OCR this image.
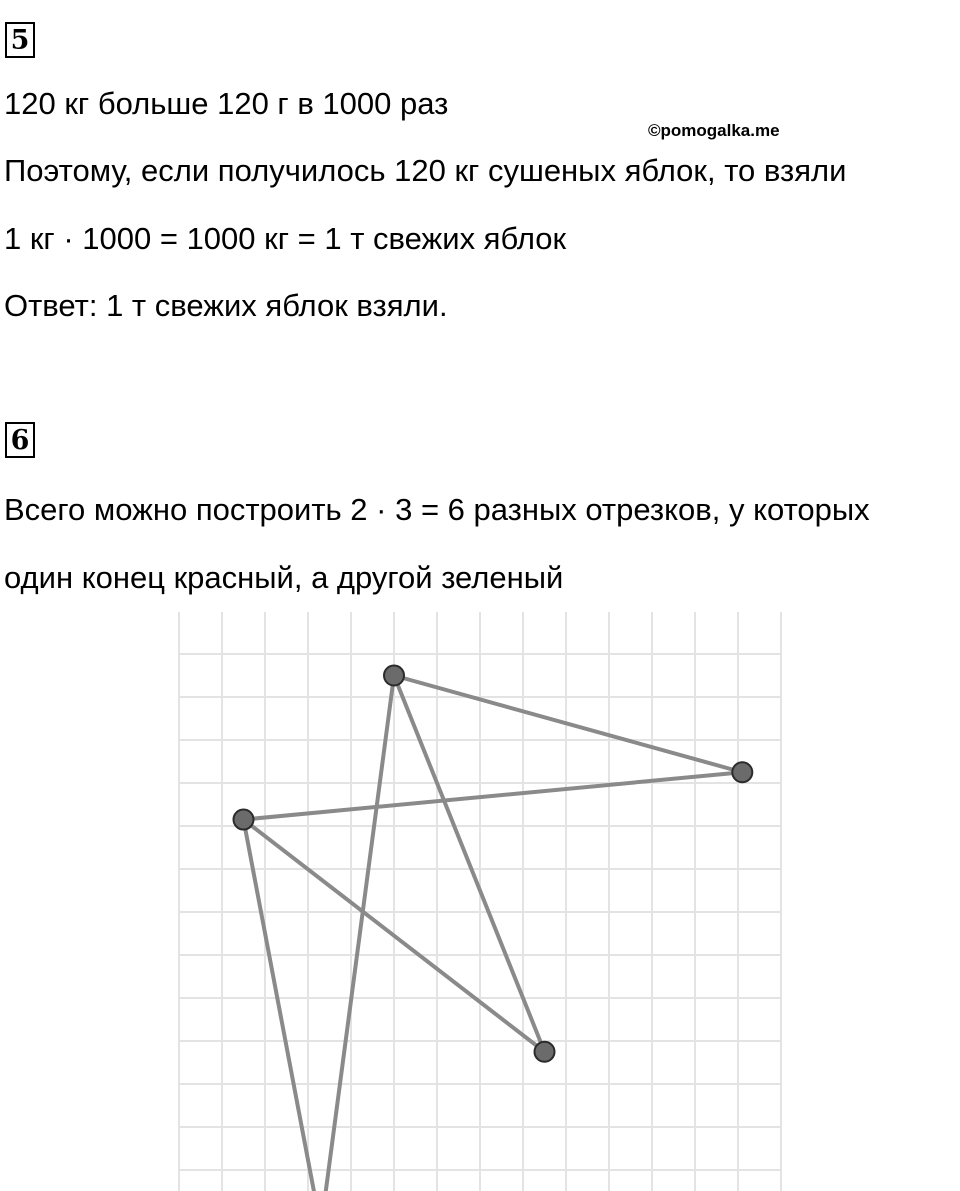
5
120 кг больше 120 г в 1000 раз
©pomogalka.me
Поэтому, если получилось 120 кг сушеных яблок, то взяли
1 кг · 1000 = 1000 кг = 1 т свежих яблок
Ответ: 1 т свежих яблок взяли.
6
Всего можно построить 2 · 3 = 6 разных отрезков, у которых
один конец красный, а другой зеленый
